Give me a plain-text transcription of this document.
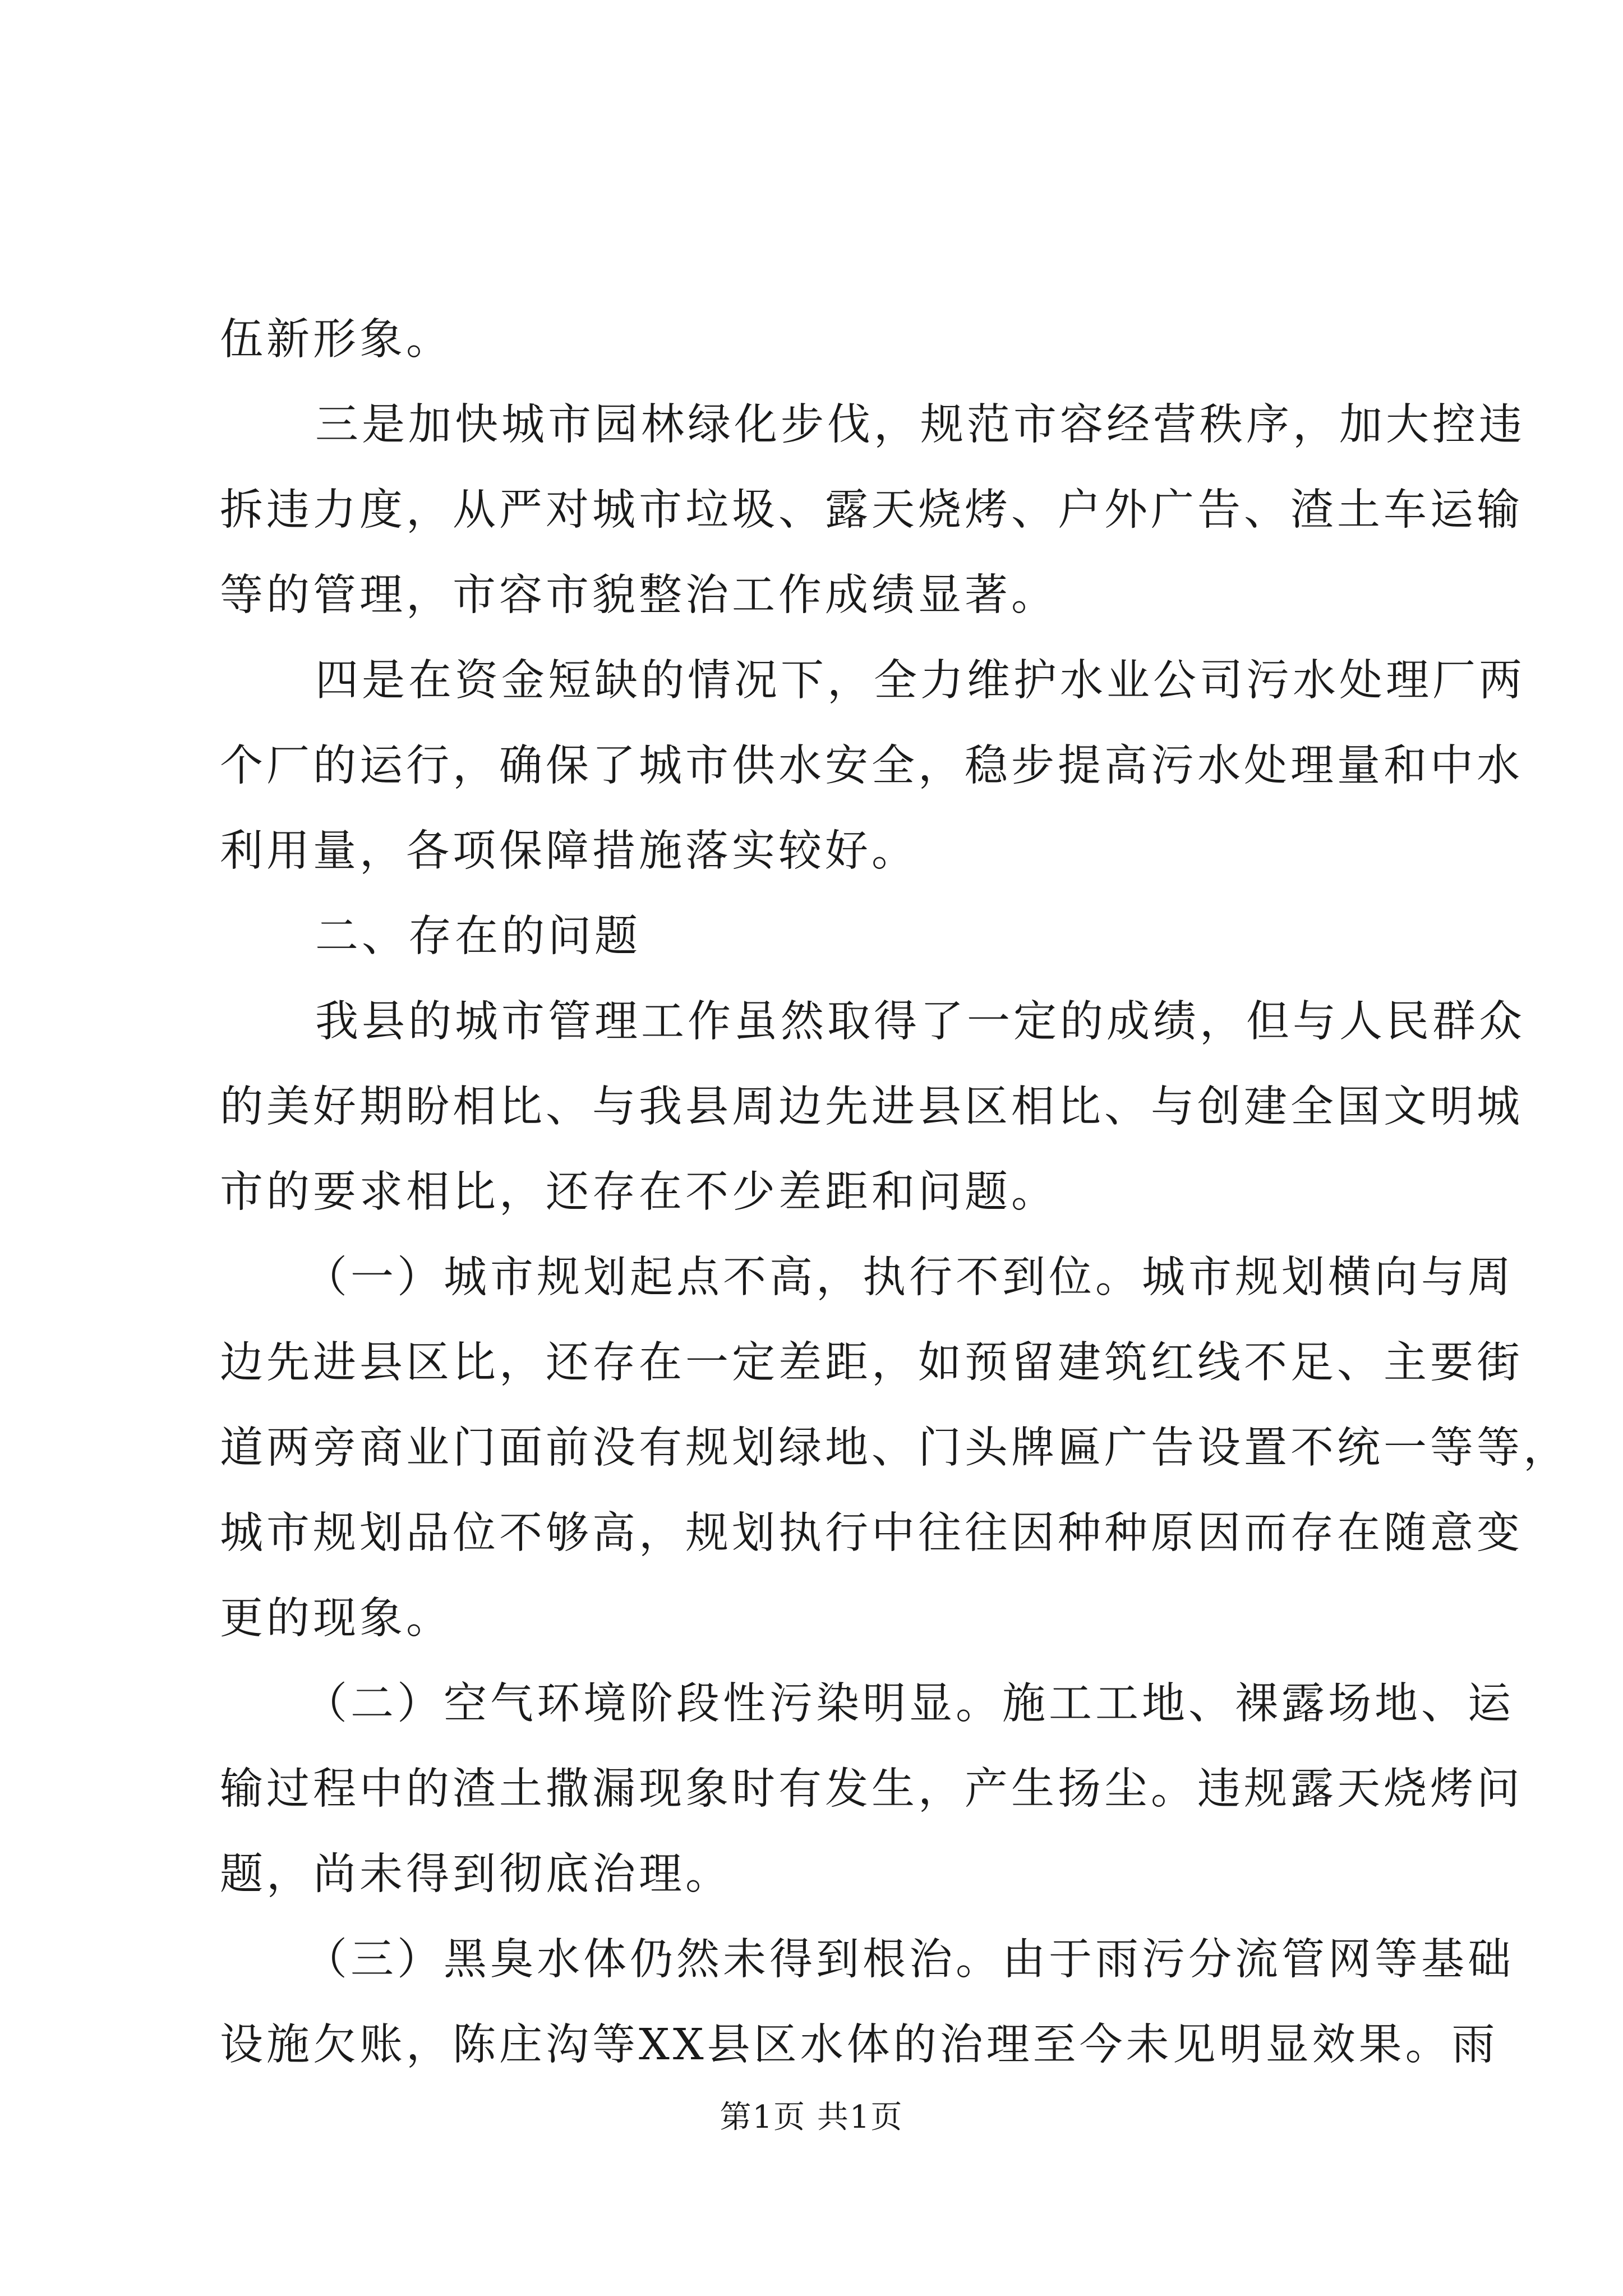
伍新形象。
三是加快城市园林绿化步伐，规范市容经营秩序，加大控违
拆违力度，从严对城市垃圾、露天烧烤、户外广告、渣土车运输
等的管理，市容市貌整治工作成绩显著。
四是在资金短缺的情况下，全力维护水业公司污水处理厂两
个厂的运行，确保了城市供水安全，稳步提高污水处理量和中水
利用量，各项保障措施落实较好。
二、存在的问题
我县的城市管理工作虽然取得了一定的成绩，但与人民群众
的美好期盼相比、与我县周边先进县区相比、与创建全国文明城
市的要求相比，还存在不少差距和问题。
（一）城市规划起点不高，执行不到位。城市规划横向与周
边先进县区比，还存在一定差距，如预留建筑红线不足、主要街
道两旁商业门面前没有规划绿地、门头牌匾广告设置不统一等等，
城市规划品位不够高，规划执行中往往因种种原因而存在随意变
更的现象。
（二）空气环境阶段性污染明显。施工工地、裸露场地、运
输过程中的渣土撒漏现象时有发生，产生扬尘。违规露天烧烤问
题，尚未得到彻底治理。
（三）黑臭水体仍然未得到根治。由于雨污分流管网等基础
设施欠账，陈庄沟等XX县区水体的治理至今未见明显效果。雨
第1页 共1页
